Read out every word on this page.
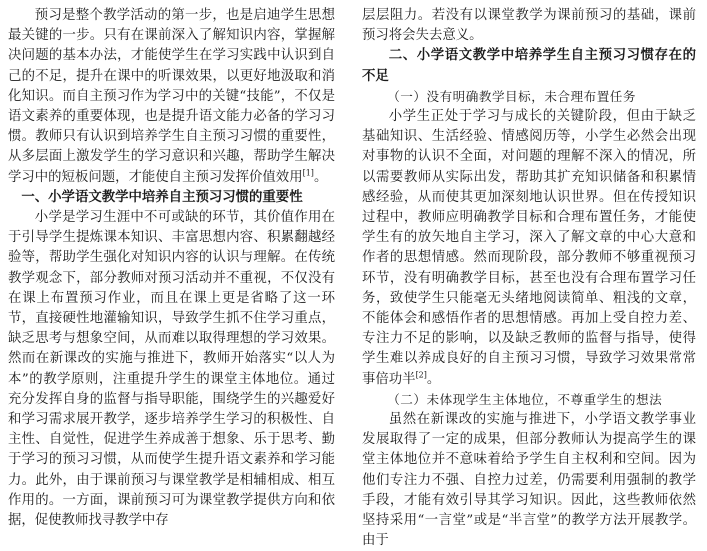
预习是整个教学活动的第一步，也是启迪学生思想最关键的一步。只有在课前深入了解知识内容，掌握解决问题的基本办法，才能使学生在学习实践中认识到自己的不足，提升在课中的听课效果，以更好地汲取和消化知识。而自主预习作为学习中的关键“技能”，不仅是语文素养的重要体现，也是提升语文能力必备的学习习惯。教师只有认识到培养学生自主预习习惯的重要性，从多层面上激发学生的学习意识和兴趣，帮助学生解决学习中的短板问题，才能使自主预习发挥价值效用[1]。

一、小学语文教学中培养自主预习习惯的重要性

小学是学习生涯中不可或缺的环节，其价值作用在于引导学生提炼课本知识、丰富思想内容、积累翻越经验等，帮助学生强化对知识内容的认识与理解。在传统教学观念下，部分教师对预习活动并不重视，不仅没有在课上布置预习作业，而且在课上更是省略了这一环节，直接硬性地灌输知识，导致学生抓不住学习重点，缺乏思考与想象空间，从而难以取得理想的学习效果。然而在新课改的实施与推进下，教师开始落实“以人为本”的教学原则，注重提升学生的课堂主体地位。通过充分发挥自身的监督与指导职能，围绕学生的兴趣爱好和学习需求展开教学，逐步培养学生学习的积极性、自主性、自觉性，促进学生养成善于想象、乐于思考、勤于学习的预习习惯，从而使学生提升语文素养和学习能力。此外，由于课前预习与课堂教学是相辅相成、相互作用的。一方面，课前预习可为课堂教学提供方向和依据，促使教师找寻教学中存

层层阻力。若没有以课堂教学为课前预习的基础，课前预习将会失去意义。

二、小学语文教学中培养学生自主预习习惯存在的不足
（一）没有明确教学目标，未合理布置任务

小学生正处于学习与成长的关键阶段，但由于缺乏基础知识、生活经验、情感阅历等，小学生必然会出现对事物的认识不全面，对问题的理解不深入的情况，所以需要教师从实际出发，帮助其扩充知识储备和积累情感经验，从而使其更加深刻地认识世界。但在传授知识过程中，教师应明确教学目标和合理布置任务，才能使学生有的放矢地自主学习，深入了解文章的中心大意和作者的思想情感。然而现阶段，部分教师不够重视预习环节，没有明确教学目标，甚至也没有合理布置学习任务，致使学生只能毫无头绪地阅读简单、粗浅的文章，不能体会和感悟作者的思想情感。再加上受自控力差、专注力不足的影响，以及缺乏教师的监督与指导，使得学生难以养成良好的自主预习习惯，导致学习效果常常事倍功半[2]。

（二）未体现学生主体地位，不尊重学生的想法

虽然在新课改的实施与推进下，小学语文教学事业发展取得了一定的成果，但部分教师认为提高学生的课堂主体地位并不意味着给予学生自主权利和空间。因为他们专注力不强、自控力过差，仍需要利用强制的教学手段，才能有效引导其学习知识。因此，这些教师依然坚持采用“一言堂”或是“半言堂”的教学方法开展教学。由于
